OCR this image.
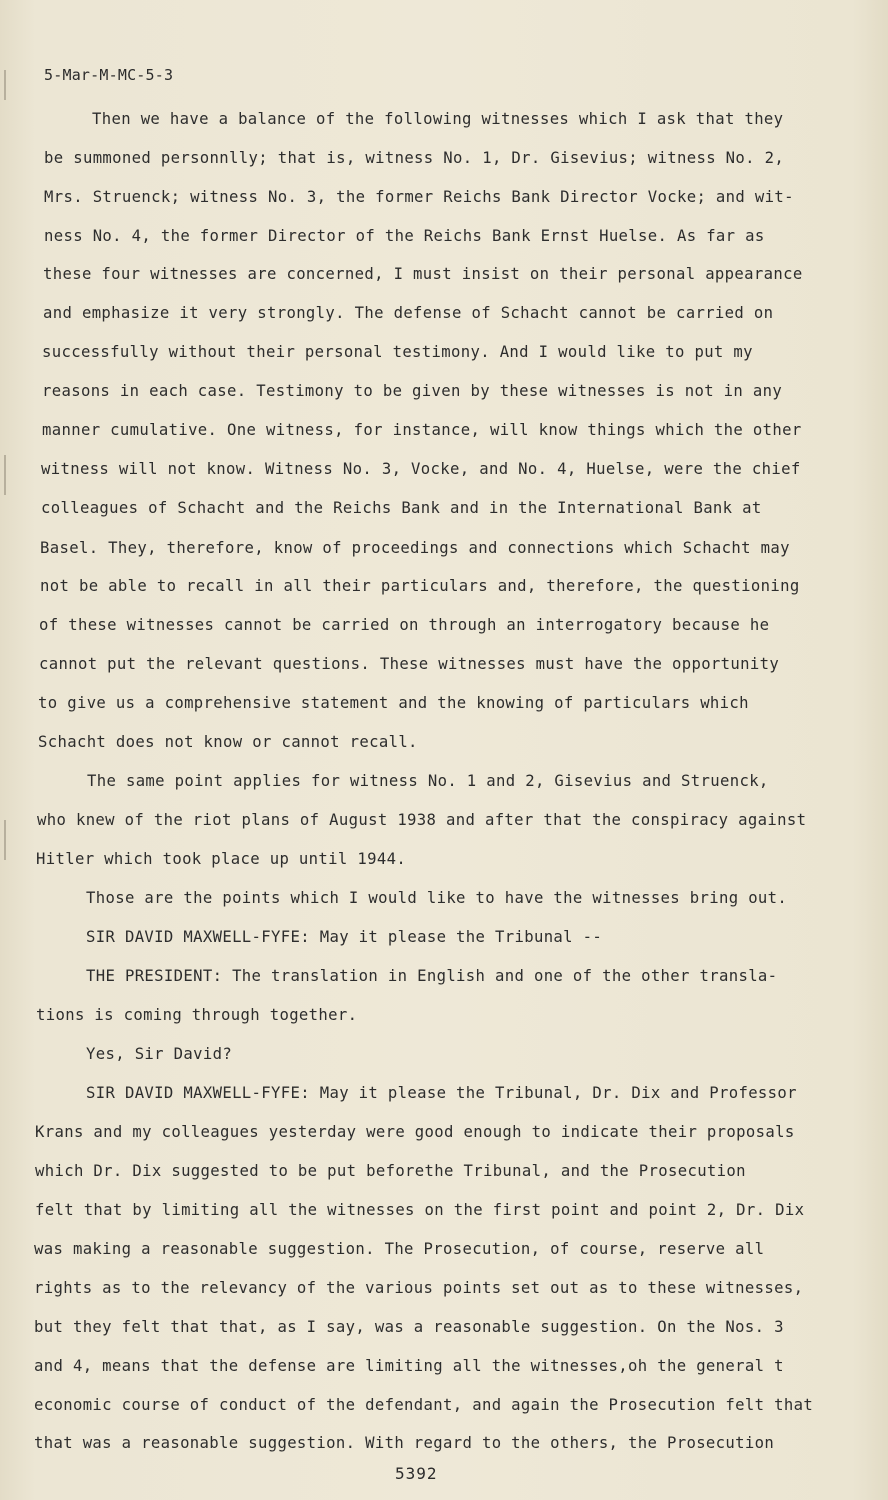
5-Mar-M-MC-5-3
Then we have a balance of the following witnesses which I ask that they
be summoned personnlly; that is, witness No. 1, Dr. Gisevius; witness No. 2,
Mrs. Struenck; witness No. 3, the former Reichs Bank Director Vocke; and wit-
ness No. 4, the former Director of the Reichs Bank Ernst Huelse. As far as
these four witnesses are concerned, I must insist on their personal appearance
and emphasize it very strongly. The defense of Schacht cannot be carried on
successfully without their personal testimony. And I would like to put my
reasons in each case. Testimony to be given by these witnesses is not in any
manner cumulative. One witness, for instance, will know things which the other
witness will not know. Witness No. 3, Vocke, and No. 4, Huelse, were the chief
colleagues of Schacht and the Reichs Bank and in the International Bank at
Basel. They, therefore, know of proceedings and connections which Schacht may
not be able to recall in all their particulars and, therefore, the questioning
of these witnesses cannot be carried on through an interrogatory because he
cannot put the relevant questions. These witnesses must have the opportunity
to give us a comprehensive statement and the knowing of particulars which
Schacht does not know or cannot recall.
The same point applies for witness No. 1 and 2, Gisevius and Struenck,
who knew of the riot plans of August 1938 and after that the conspiracy against
Hitler which took place up until 1944.
Those are the points which I would like to have the witnesses bring out.
SIR DAVID MAXWELL-FYFE: May it please the Tribunal --
THE PRESIDENT: The translation in English and one of the other transla-
tions is coming through together.
Yes, Sir David?
SIR DAVID MAXWELL-FYFE: May it please the Tribunal, Dr. Dix and Professor
Krans and my colleagues yesterday were good enough to indicate their proposals
which Dr. Dix suggested to be put beforethe Tribunal, and the Prosecution
felt that by limiting all the witnesses on the first point and point 2, Dr. Dix
was making a reasonable suggestion. The Prosecution, of course, reserve all
rights as to the relevancy of the various points set out as to these witnesses,
but they felt that that, as I say, was a reasonable suggestion. On the Nos. 3
and 4, means that the defense are limiting all the witnesses,oh the general t
economic course of conduct of the defendant, and again the Prosecution felt that
that was a reasonable suggestion. With regard to the others, the Prosecution
5392
